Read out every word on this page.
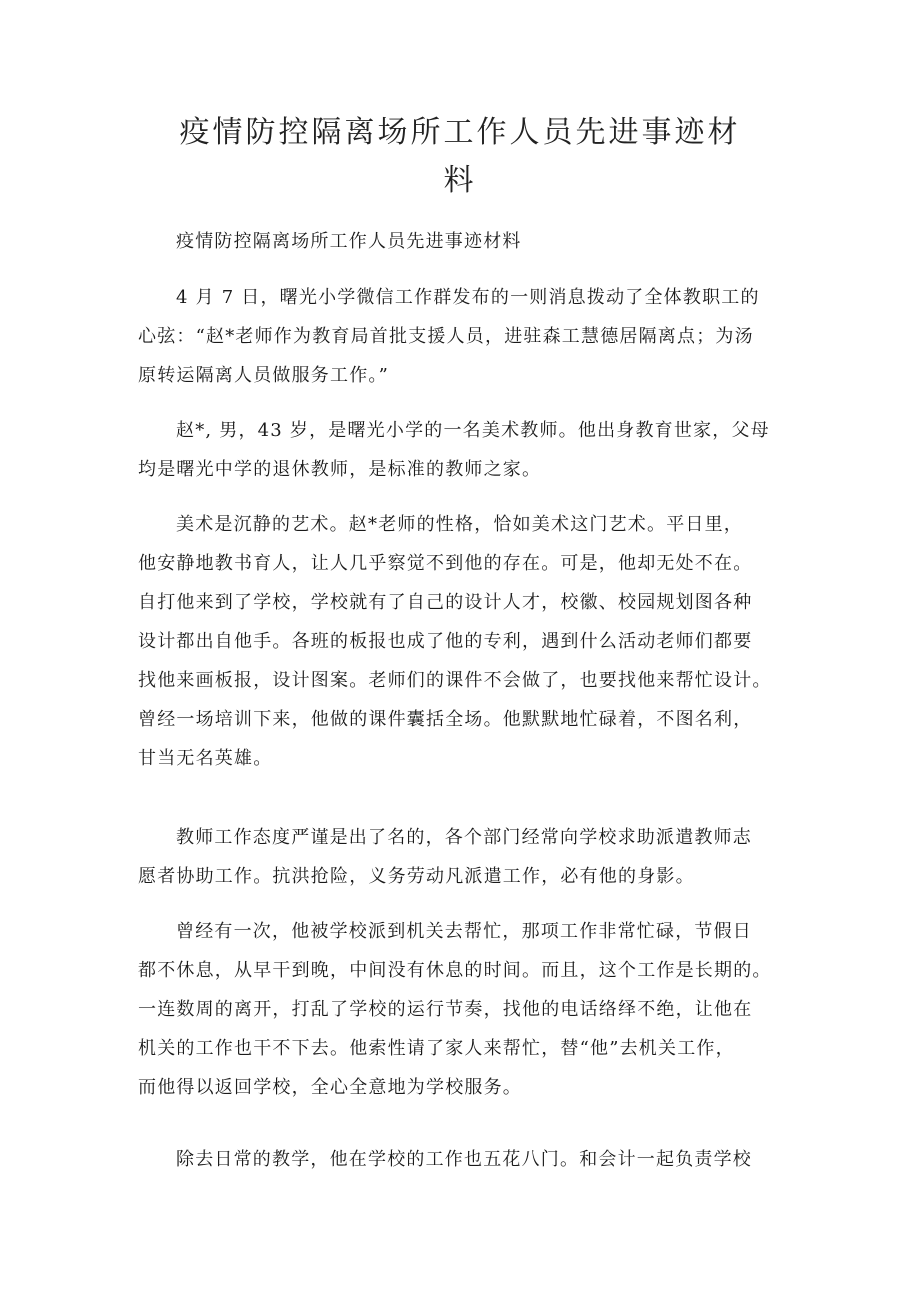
疫情防控隔离场所工作人员先进事迹材
料

疫情防控隔离场所工作人员先进事迹材料

4 月 7 日，曙光小学微信工作群发布的一则消息拨动了全体教职工的
心弦：“赵*老师作为教育局首批支援人员，进驻森工慧德居隔离点；为汤
原转运隔离人员做服务工作。”

赵*, 男，43 岁，是曙光小学的一名美术教师。他出身教育世家，父母
均是曙光中学的退休教师，是标准的教师之家。

美术是沉静的艺术。赵*老师的性格，恰如美术这门艺术。平日里，
他安静地教书育人，让人几乎察觉不到他的存在。可是，他却无处不在。
自打他来到了学校，学校就有了自己的设计人才，校徽、校园规划图各种
设计都出自他手。各班的板报也成了他的专利，遇到什么活动老师们都要
找他来画板报，设计图案。老师们的课件不会做了，也要找他来帮忙设计。
曾经一场培训下来，他做的课件囊括全场。他默默地忙碌着，不图名利，
甘当无名英雄。

教师工作态度严谨是出了名的，各个部门经常向学校求助派遣教师志
愿者协助工作。抗洪抢险，义务劳动凡派遣工作，必有他的身影。

曾经有一次，他被学校派到机关去帮忙，那项工作非常忙碌，节假日
都不休息，从早干到晚，中间没有休息的时间。而且，这个工作是长期的。
一连数周的离开，打乱了学校的运行节奏，找他的电话络绎不绝，让他在
机关的工作也干不下去。他索性请了家人来帮忙，替“他”去机关工作，
而他得以返回学校，全心全意地为学校服务。

除去日常的教学，他在学校的工作也五花八门。和会计一起负责学校
